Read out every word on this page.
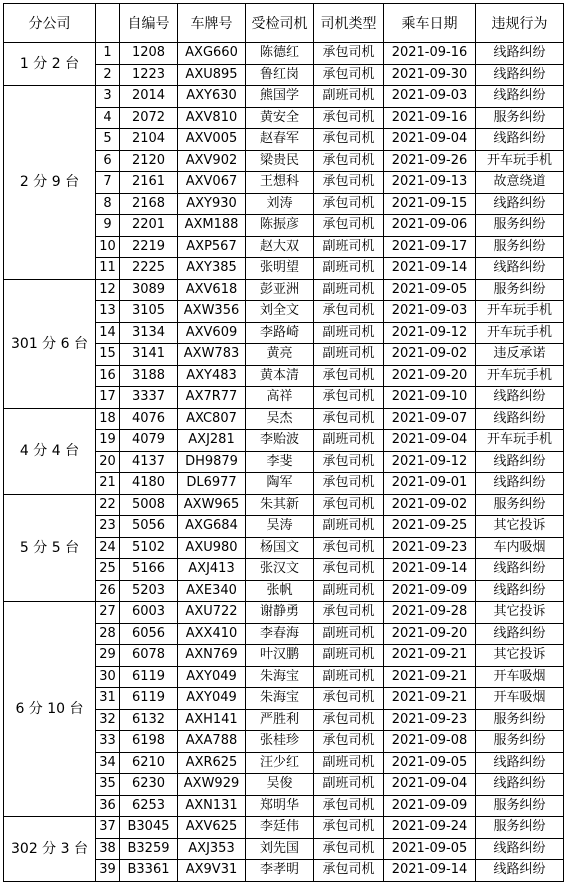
分公司		自编号	车牌号	受检司机	司机类型	乘车日期	违规行为
1 分 2 台	1	1208	AXG660	陈德红	承包司机	2021-09-16	线路纠纷
	2	1223	AXU895	鲁红岗	承包司机	2021-09-30	线路纠纷
2 分 9 台	3	2014	AXY630	熊国学	副班司机	2021-09-03	线路纠纷
	4	2072	AXV810	黄安全	承包司机	2021-09-16	服务纠纷
	5	2104	AXV005	赵春军	承包司机	2021-09-04	线路纠纷
	6	2120	AXV902	梁贵民	承包司机	2021-09-26	开车玩手机
	7	2161	AXV067	王想科	承包司机	2021-09-13	故意绕道
	8	2168	AXY930	刘涛	承包司机	2021-09-15	线路纠纷
	9	2201	AXM188	陈振彦	承包司机	2021-09-06	服务纠纷
	10	2219	AXP567	赵大双	副班司机	2021-09-17	服务纠纷
	11	2225	AXY385	张明望	副班司机	2021-09-14	线路纠纷
301 分 6 台	12	3089	AXV618	彭亚洲	副班司机	2021-09-05	服务纠纷
	13	3105	AXW356	刘全文	承包司机	2021-09-03	开车玩手机
	14	3134	AXV609	李路崎	副班司机	2021-09-12	开车玩手机
	15	3141	AXW783	黄亮	副班司机	2021-09-02	违反承诺
	16	3188	AXY483	黄本清	承包司机	2021-09-20	开车玩手机
	17	3337	AX7R77	高祥	承包司机	2021-09-10	线路纠纷
4 分 4 台	18	4076	AXC807	吴杰	承包司机	2021-09-07	线路纠纷
	19	4079	AXJ281	李贻波	副班司机	2021-09-04	开车玩手机
	20	4137	DH9879	李斐	承包司机	2021-09-12	线路纠纷
	21	4180	DL6977	陶军	承包司机	2021-09-01	线路纠纷
5 分 5 台	22	5008	AXW965	朱其新	承包司机	2021-09-02	服务纠纷
	23	5056	AXG684	吴涛	副班司机	2021-09-25	其它投诉
	24	5102	AXU980	杨国文	承包司机	2021-09-23	车内吸烟
	25	5166	AXJ413	张汉文	承包司机	2021-09-14	线路纠纷
	26	5203	AXE340	张帆	副班司机	2021-09-09	线路纠纷
6 分 10 台	27	6003	AXU722	谢静勇	承包司机	2021-09-28	其它投诉
	28	6056	AXX410	李春海	副班司机	2021-09-20	线路纠纷
	29	6078	AXN769	叶汉鹏	副班司机	2021-09-21	其它投诉
	30	6119	AXY049	朱海宝	副班司机	2021-09-21	开车吸烟
	31	6119	AXY049	朱海宝	承包司机	2021-09-21	开车吸烟
	32	6132	AXH141	严胜利	承包司机	2021-09-23	服务纠纷
	33	6198	AXA788	张桂珍	承包司机	2021-09-08	服务纠纷
	34	6210	AXR625	汪少红	副班司机	2021-09-05	线路纠纷
	35	6230	AXW929	吴俊	副班司机	2021-09-04	线路纠纷
	36	6253	AXN131	郑明华	承包司机	2021-09-09	服务纠纷
302 分 3 台	37	B3045	AXV625	李廷伟	承包司机	2021-09-24	服务纠纷
	38	B3259	AXJ353	刘先国	承包司机	2021-09-05	线路纠纷
	39	B3361	AX9V31	李孝明	承包司机	2021-09-14	线路纠纷
